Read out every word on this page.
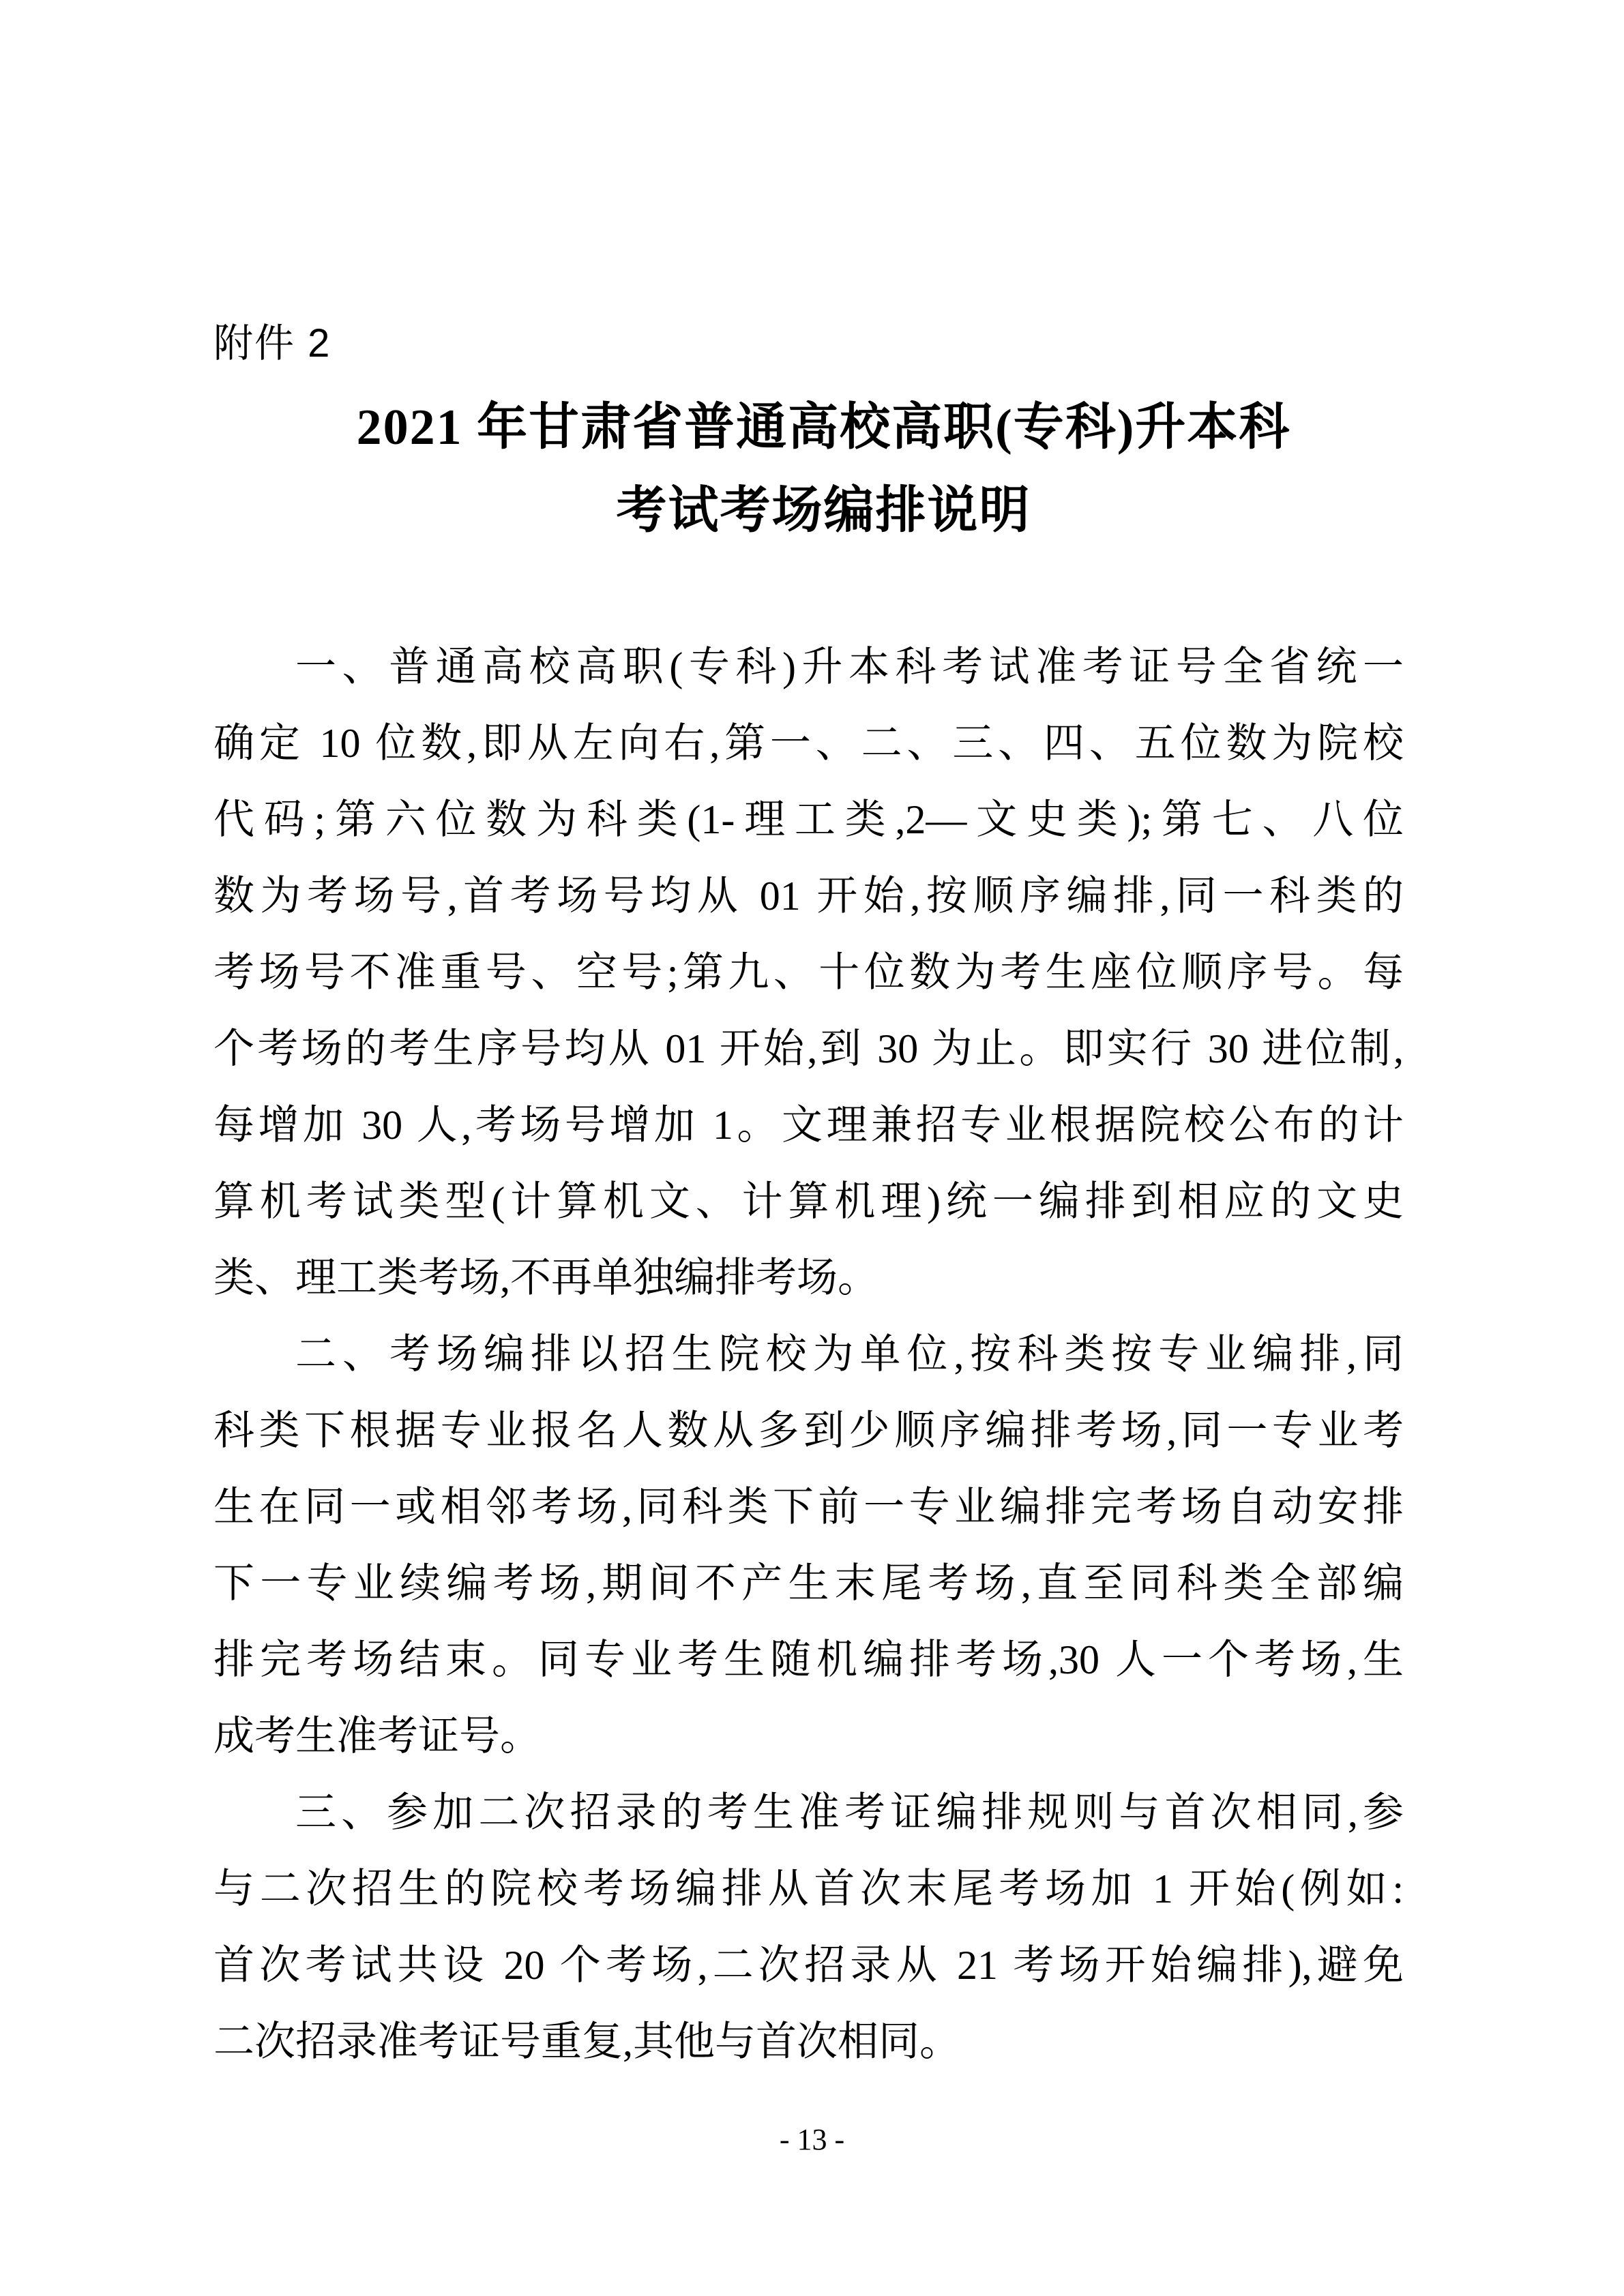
附件 2
2021 年甘肃省普通高校高职(专科)升本科
考试考场编排说明
一、普通高校高职(专科)升本科考试准考证号全省统一
确定 10 位数,即从左向右,第一、二、三、四、五位数为院校
代码;第六位数为科类(1-理工类,2—文史类);第七、八位
数为考场号,首考场号均从 01 开始,按顺序编排,同一科类的
考场号不准重号、空号;第九、十位数为考生座位顺序号。每
个考场的考生序号均从 01 开始,到 30 为止。即实行 30 进位制,
每增加 30 人,考场号增加 1。文理兼招专业根据院校公布的计
算机考试类型(计算机文、计算机理)统一编排到相应的文史
类、理工类考场,不再单独编排考场。
二、考场编排以招生院校为单位,按科类按专业编排,同
科类下根据专业报名人数从多到少顺序编排考场,同一专业考
生在同一或相邻考场,同科类下前一专业编排完考场自动安排
下一专业续编考场,期间不产生末尾考场,直至同科类全部编
排完考场结束。同专业考生随机编排考场,30 人一个考场,生
成考生准考证号。
三、参加二次招录的考生准考证编排规则与首次相同,参
与二次招生的院校考场编排从首次末尾考场加 1 开始(例如:
首次考试共设 20 个考场,二次招录从 21 考场开始编排),避免
二次招录准考证号重复,其他与首次相同。
- 13 -
